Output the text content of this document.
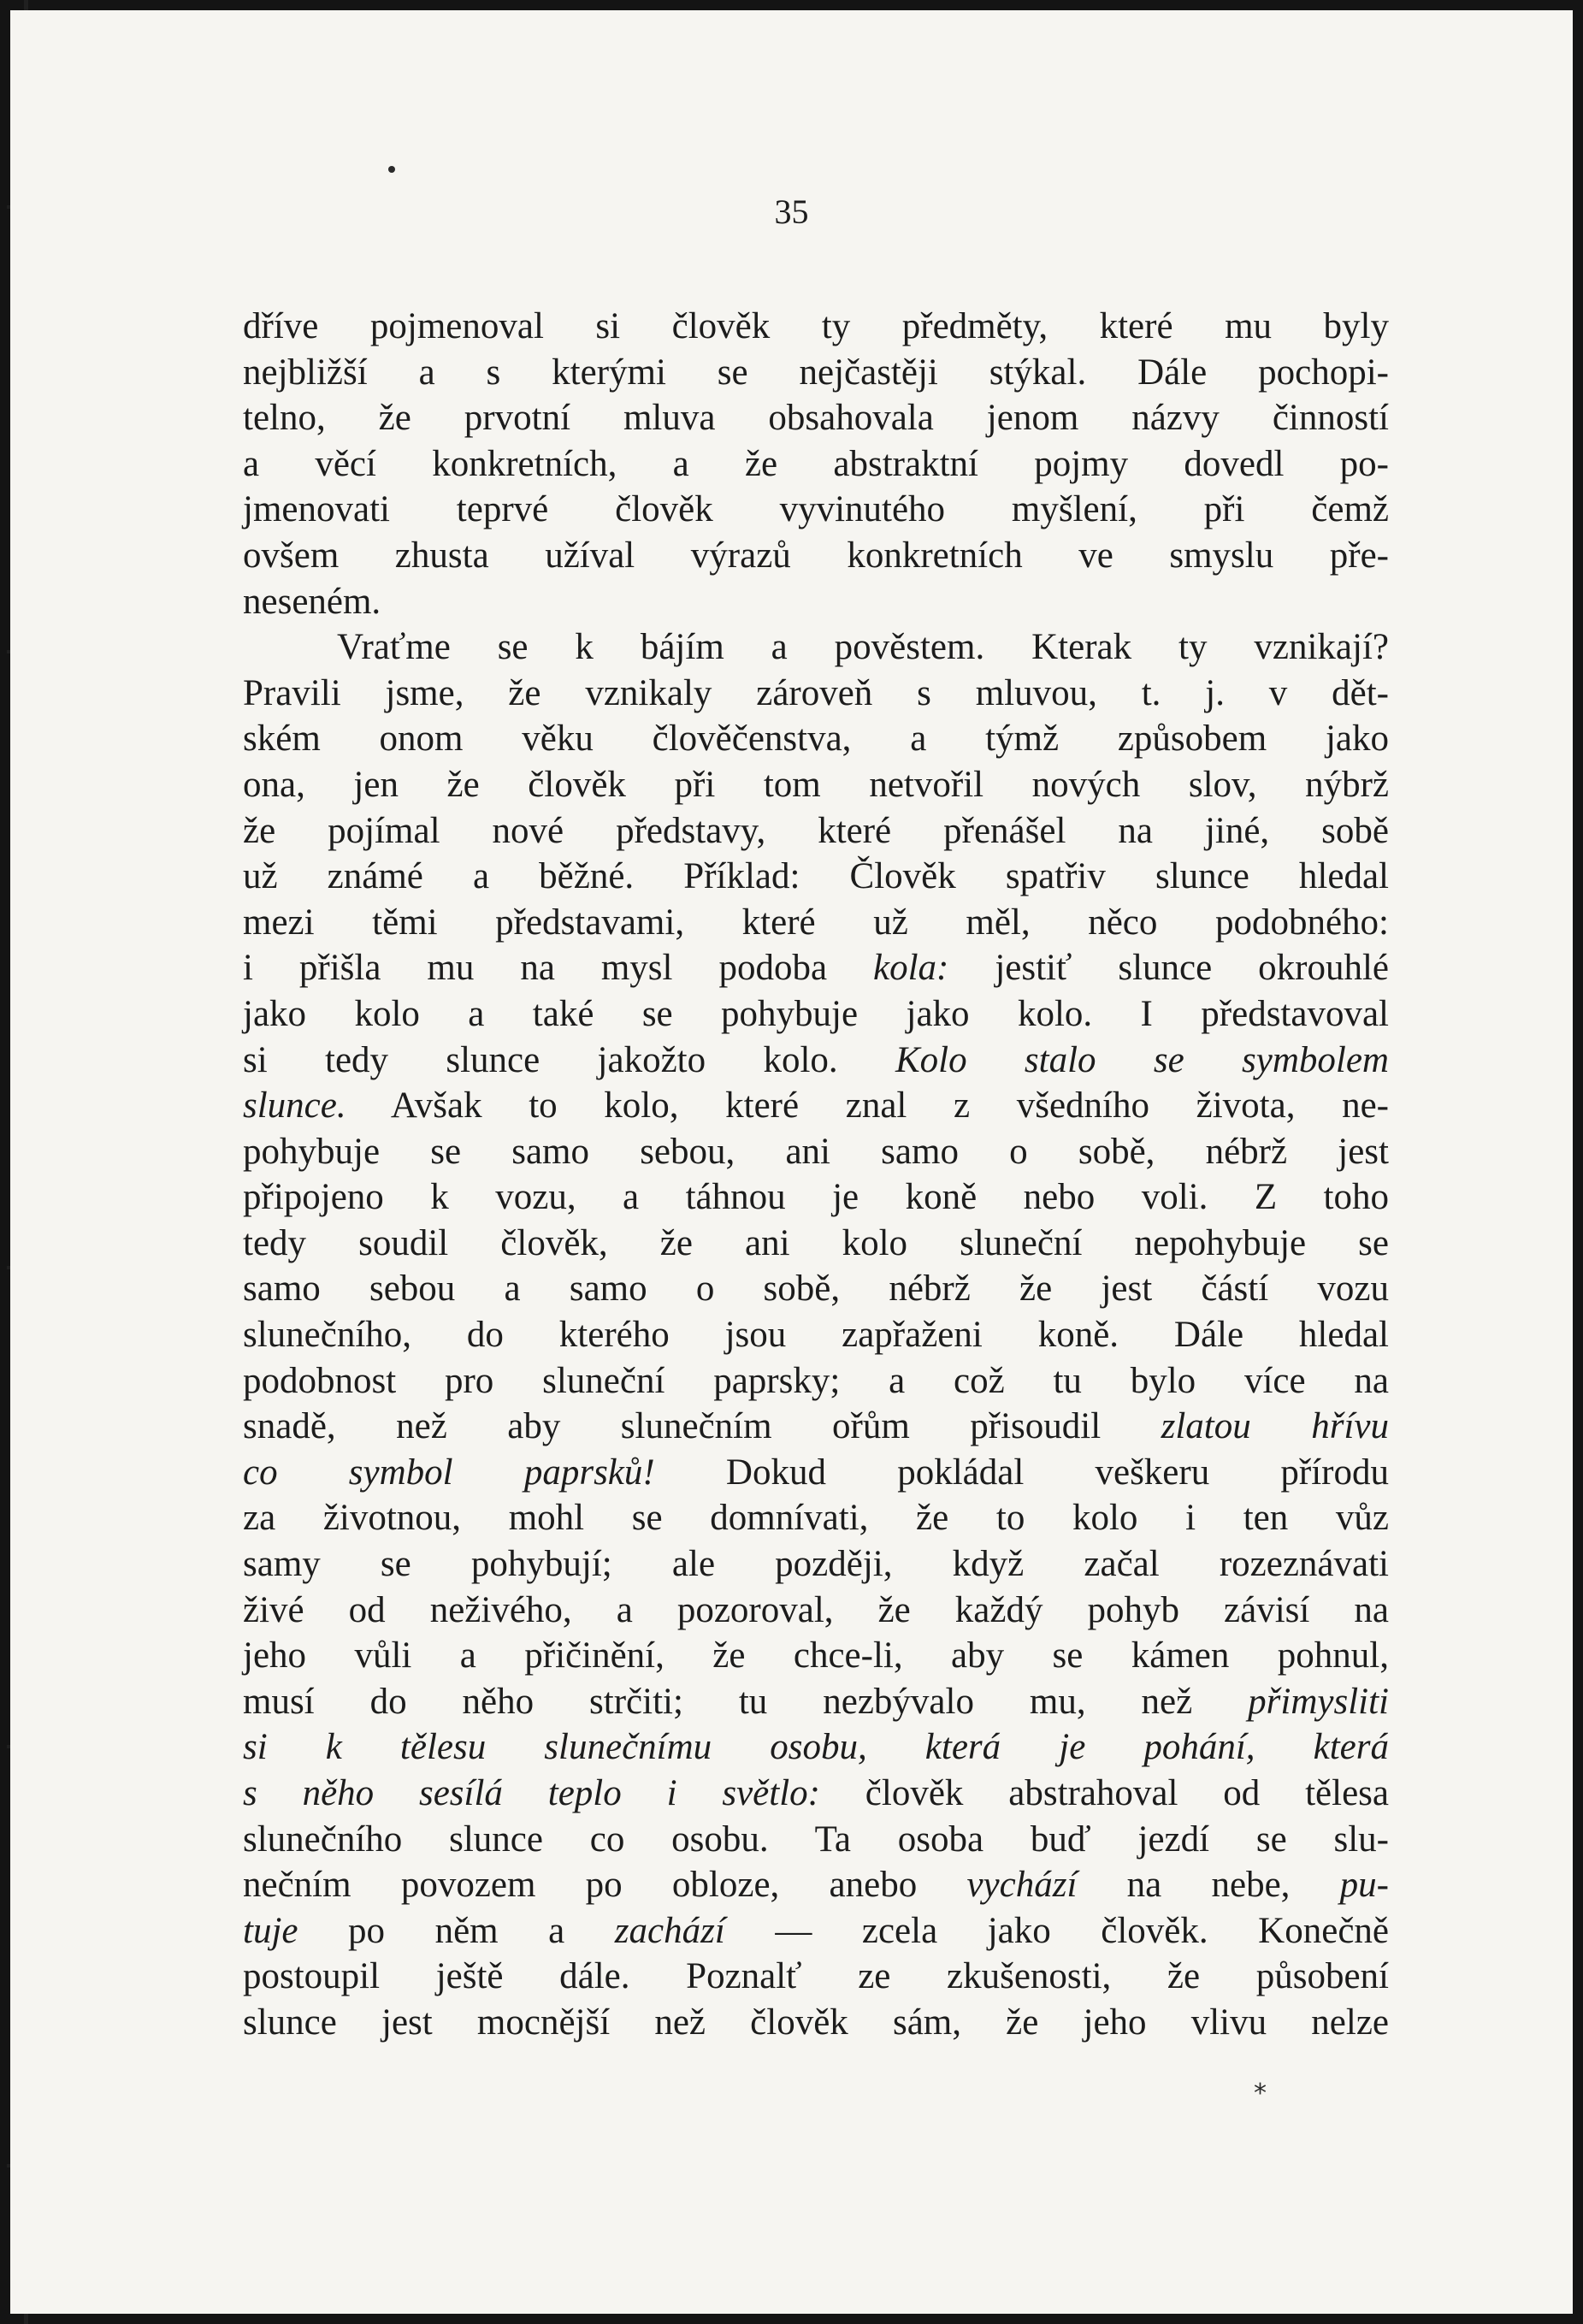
35

dříve pojmenoval si člověk ty předměty, které mu byly
nejbližší a s kterými se nejčastěji stýkal. Dále pochopi-
telno, že prvotní mluva obsahovala jenom názvy činností
a věcí konkretních, a že abstraktní pojmy dovedl po-
jmenovati teprvé člověk vyvinutého myšlení, při čemž
ovšem zhusta užíval výrazů konkretních ve smyslu pře-
neseném.
Vraťme se k bájím a pověstem. Kterak ty vznikají?
Pravili jsme, že vznikaly zároveň s mluvou, t. j. v dět-
ském onom věku člověčenstva, a týmž způsobem jako
ona, jen že člověk při tom netvořil nových slov, nýbrž
že pojímal nové představy, které přenášel na jiné, sobě
už známé a běžné. Příklad: Člověk spatřiv slunce hledal
mezi těmi představami, které už měl, něco podobného:
i přišla mu na mysl podoba kola: jestiť slunce okrouhlé
jako kolo a také se pohybuje jako kolo. I představoval
si tedy slunce jakožto kolo. Kolo stalo se symbolem
slunce. Avšak to kolo, které znal z všedního života, ne-
pohybuje se samo sebou, ani samo o sobě, nébrž jest
připojeno k vozu, a táhnou je koně nebo voli. Z toho
tedy soudil člověk, že ani kolo sluneční nepohybuje se
samo sebou a samo o sobě, nébrž že jest částí vozu
slunečního, do kterého jsou zapřaženi koně. Dále hledal
podobnost pro sluneční paprsky; a což tu bylo více na
snadě, než aby slunečním ořům přisoudil zlatou hřívu
co symbol paprsků! Dokud pokládal veškeru přírodu
za životnou, mohl se domnívati, že to kolo i ten vůz
samy se pohybují; ale později, když začal rozeznávati
živé od neživého, a pozoroval, že každý pohyb závisí na
jeho vůli a přičinění, že chce-li, aby se kámen pohnul,
musí do něho strčiti; tu nezbývalo mu, než přimysliti
si k tělesu slunečnímu osobu, která je pohání, která
s něho sesílá teplo i světlo: člověk abstrahoval od tělesa
slunečního slunce co osobu. Ta osoba buď jezdí se slu-
nečním povozem po obloze, anebo vychází na nebe, pu-
tuje po něm a zachází — zcela jako člověk. Konečně
postoupil ještě dále. Poznalť ze zkušenosti, že působení
slunce jest mocnější než člověk sám, že jeho vlivu nelze

*
